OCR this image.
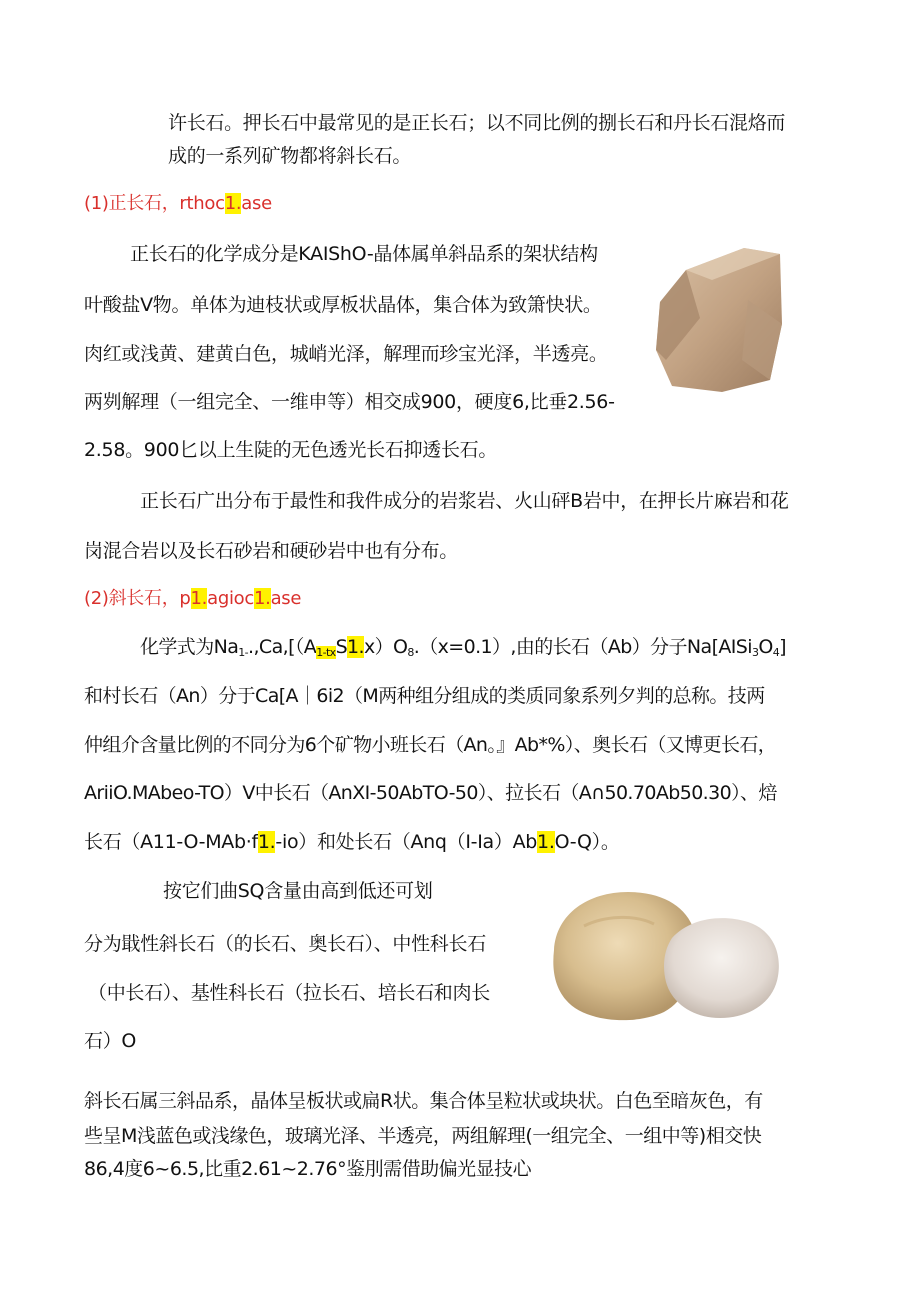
许长石。押长石中最常见的是正长石；以不同比例的捌长石和丹长石混烙而
成的一系列矿物都将斜长石。
(1)正长石，rthoc1.ase
正长石的化学成分是KAIShO-晶体属单斜品系的架状结构
叶酸盐V物。单体为迪枝状或厚板状晶体，集合体为致箫快状。
肉红或浅黄、建黄白色，城峭光泽，解理而珍宝光泽，半透亮。
两刿解理（一组完全、一维申等）相交成900，硬度6,比垂2.56-
2.58。900匕以上生陡的无色透光长石抑透长石。
正长石广出分布于最性和我件成分的岩浆岩、火山砰B岩中，在押长片麻岩和花
岗混合岩以及长石砂岩和硬砂岩中也有分布。
(2)斜长石，p1.agioc1.ase
化学式为$Na_{1-}.,Ca,[(A_{1-tx}S1.x)O_8.(x=0.1)$,由的长石（Ab）分子$Na[AISi_3O_4]$
和村长石（An）分于Ca[A｜6i2（M两种组分组成的类质同象系列夕判的总称。技两
仲组介含量比例的不同分为6个矿物小班长石（An。』Ab*%）、奥长石（又博更长石，
AriiO.MAbeo-TO）V中长石（AnXI-50AbTO-50）、拉长石（A∩50.70Ab50.30）、焙
长石（A11-O-MAb·f1.-io）和处长石（Anq（I-Ia）Ab1.O-Q）。
按它们曲SQ含量由高到低还可划
分为戢性斜长石（的长石、奥长石）、中性科长石
（中长石）、基性科长石（拉长石、培长石和肉长
石）O
斜长石属三斜品系，晶体呈板状或扁R状。集合体呈粒状或块状。白色至暗灰色，有
些呈M浅蓝色或浅缘色，玻璃光泽、半透亮，两组解理(一组完全、一组中等)相交快
86,4度6~6.5,比重2.61~2.76°鉴刖需借助偏光显技心
